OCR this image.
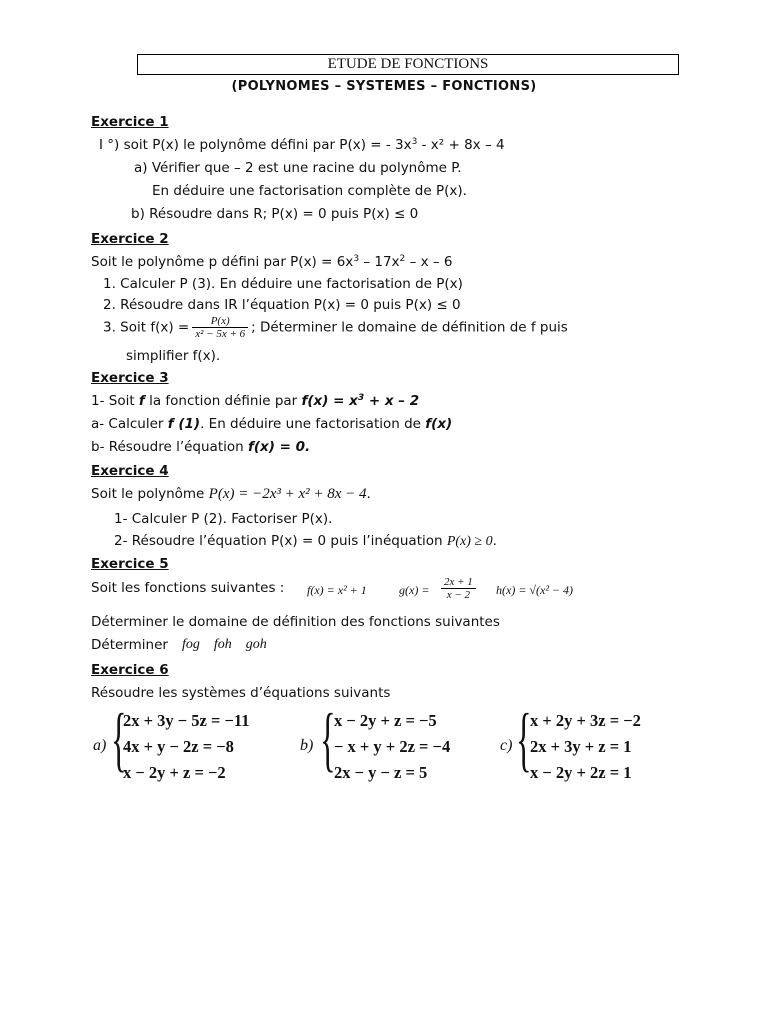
ETUDE DE FONCTIONS
(POLYNOMES – SYSTEMES – FONCTIONS)
Exercice 1
I °) soit P(x) le polynôme défini par P(x) = - $3x^3 - x^2 + 8x - 4$
a) Vérifier que – 2 est une racine du polynôme P.
En déduire une factorisation complète de P(x).
b) Résoudre dans R; P(x) = 0 puis P(x) ≤ 0
Exercice 2
Soit le polynôme p défini par $P(x) = 6x^3 - 17x^2 - x - 6$
1. Calculer P (3). En déduire une factorisation de P(x)
2. Résoudre dans IR l’équation P(x) = 0 puis P(x) ≤ 0
3. Soit $f(x) = \frac{P(x)}{\text{x² − 5x + 6}}$ ; Déterminer le domaine de définition de f puis
simplifier f(x).
Exercice 3
1- Soit f la fonction définie par $f(x) = x^3 + x - 2$
a- Calculer f (1). En déduire une factorisation de f(x)
b- Résoudre l’équation f(x) = 0.
Exercice 4
Soit le polynôme P(x) = −2x³ + x² + 8x − 4.
1- Calculer P (2). Factoriser P(x).
2- Résoudre l’équation P(x) = 0 puis l’inéquation P(x) ≥ 0.
Exercice 5
Soit les fonctions suivantes : f(x) = x² + 1	$g(x) = \frac{2x + 1}{x - 2} h(x) = √(x^2 - 4)$
Déterminer le domaine de définition des fonctions suivantes
Déterminer fog    foh    goh
Exercice 6
Résoudre les systèmes d’équations suivants
a) {
2x + 3y − 5z = −11
4x + y − 2z = −8
x − 2y + z = −2
b) {
x − 2y + z = −5
− x + y + 2z = −4
2x − y − z = 5
c) {
x + 2y + 3z = −2
2x + 3y + z = 1
x − 2y + 2z = 1
